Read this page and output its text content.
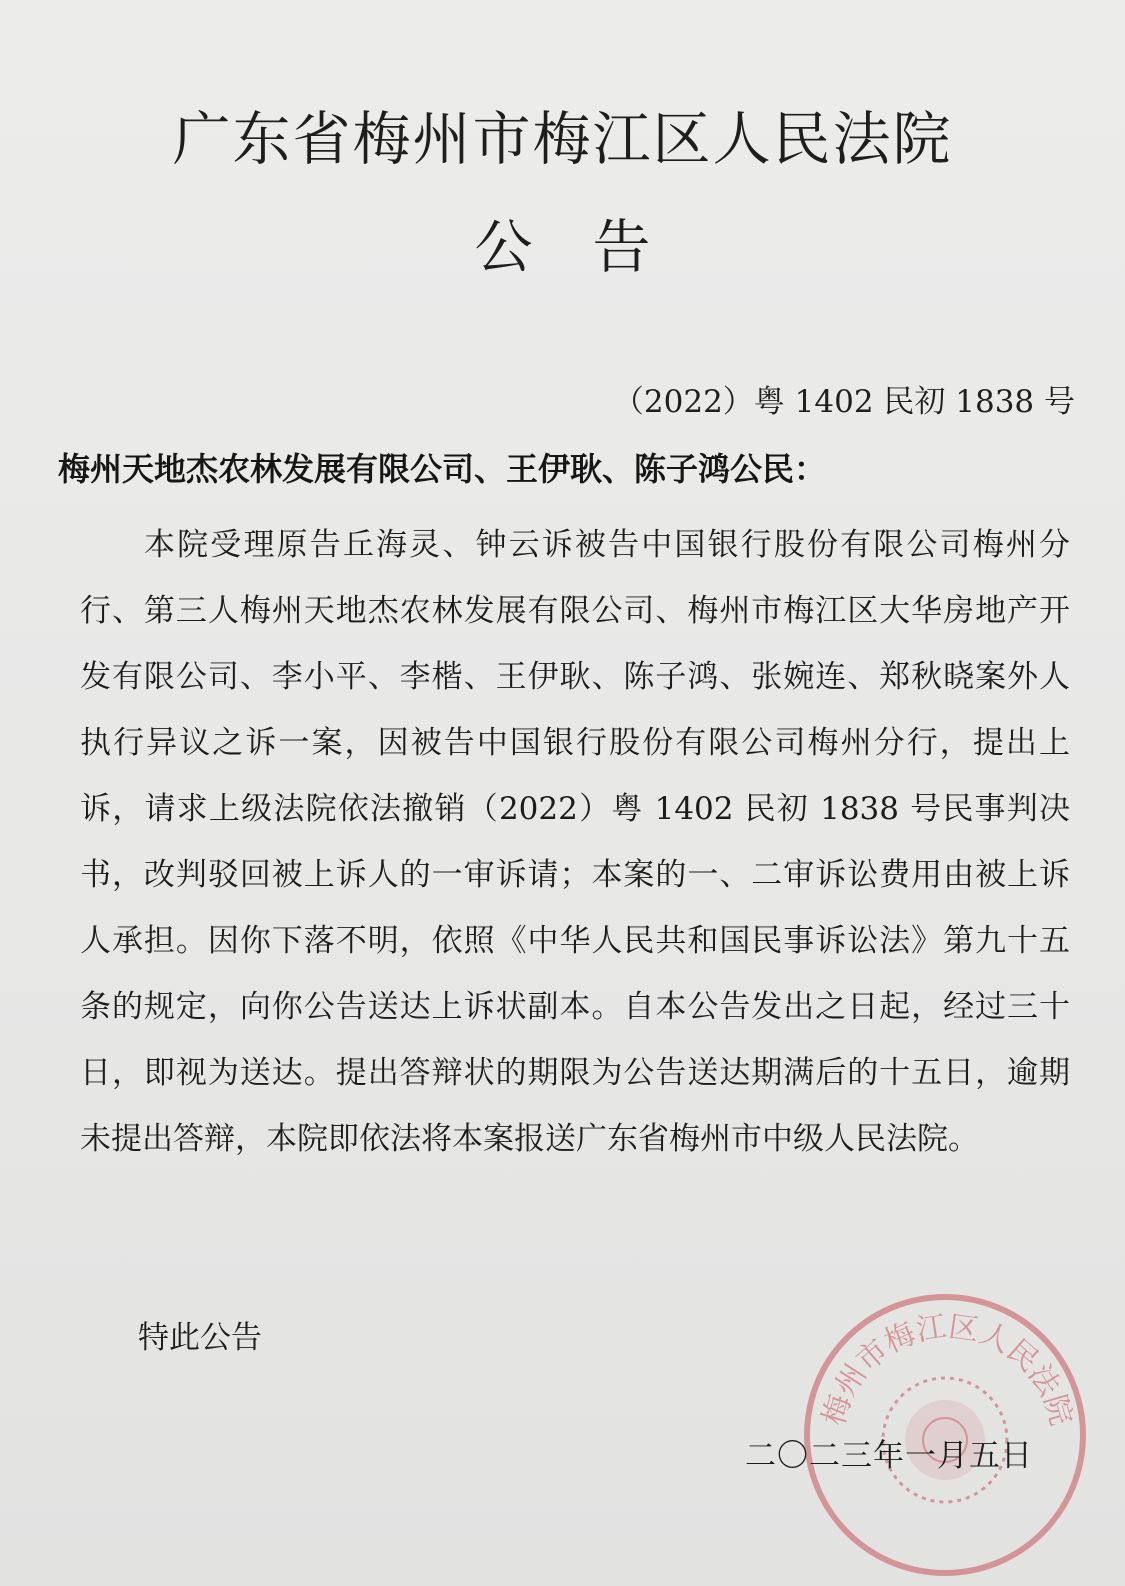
广东省梅州市梅江区人民法院
公告
（2022）粤 1402 民初 1838 号
梅州天地杰农林发展有限公司、王伊耿、陈子鸿公民：
本院受理原告丘海灵、钟云诉被告中国银行股份有限公司梅州分行、第三人梅州天地杰农林发展有限公司、梅州市梅江区大华房地产开发有限公司、李小平、李楷、王伊耿、陈子鸿、张婉连、郑秋晓案外人执行异议之诉一案，因被告中国银行股份有限公司梅州分行，提出上诉，请求上级法院依法撤销（2022）粤 1402 民初 1838 号民事判决书，改判驳回被上诉人的一审诉请；本案的一、二审诉讼费用由被上诉人承担。因你下落不明，依照《中华人民共和国民事诉讼法》第九十五条的规定，向你公告送达上诉状副本。自本公告发出之日起，经过三十日，即视为送达。提出答辩状的期限为公告送达期满后的十五日，逾期未提出答辩，本院即依法将本案报送广东省梅州市中级人民法院。
特此公告
梅州市梅江区人民法院
二〇二三年一月五日
